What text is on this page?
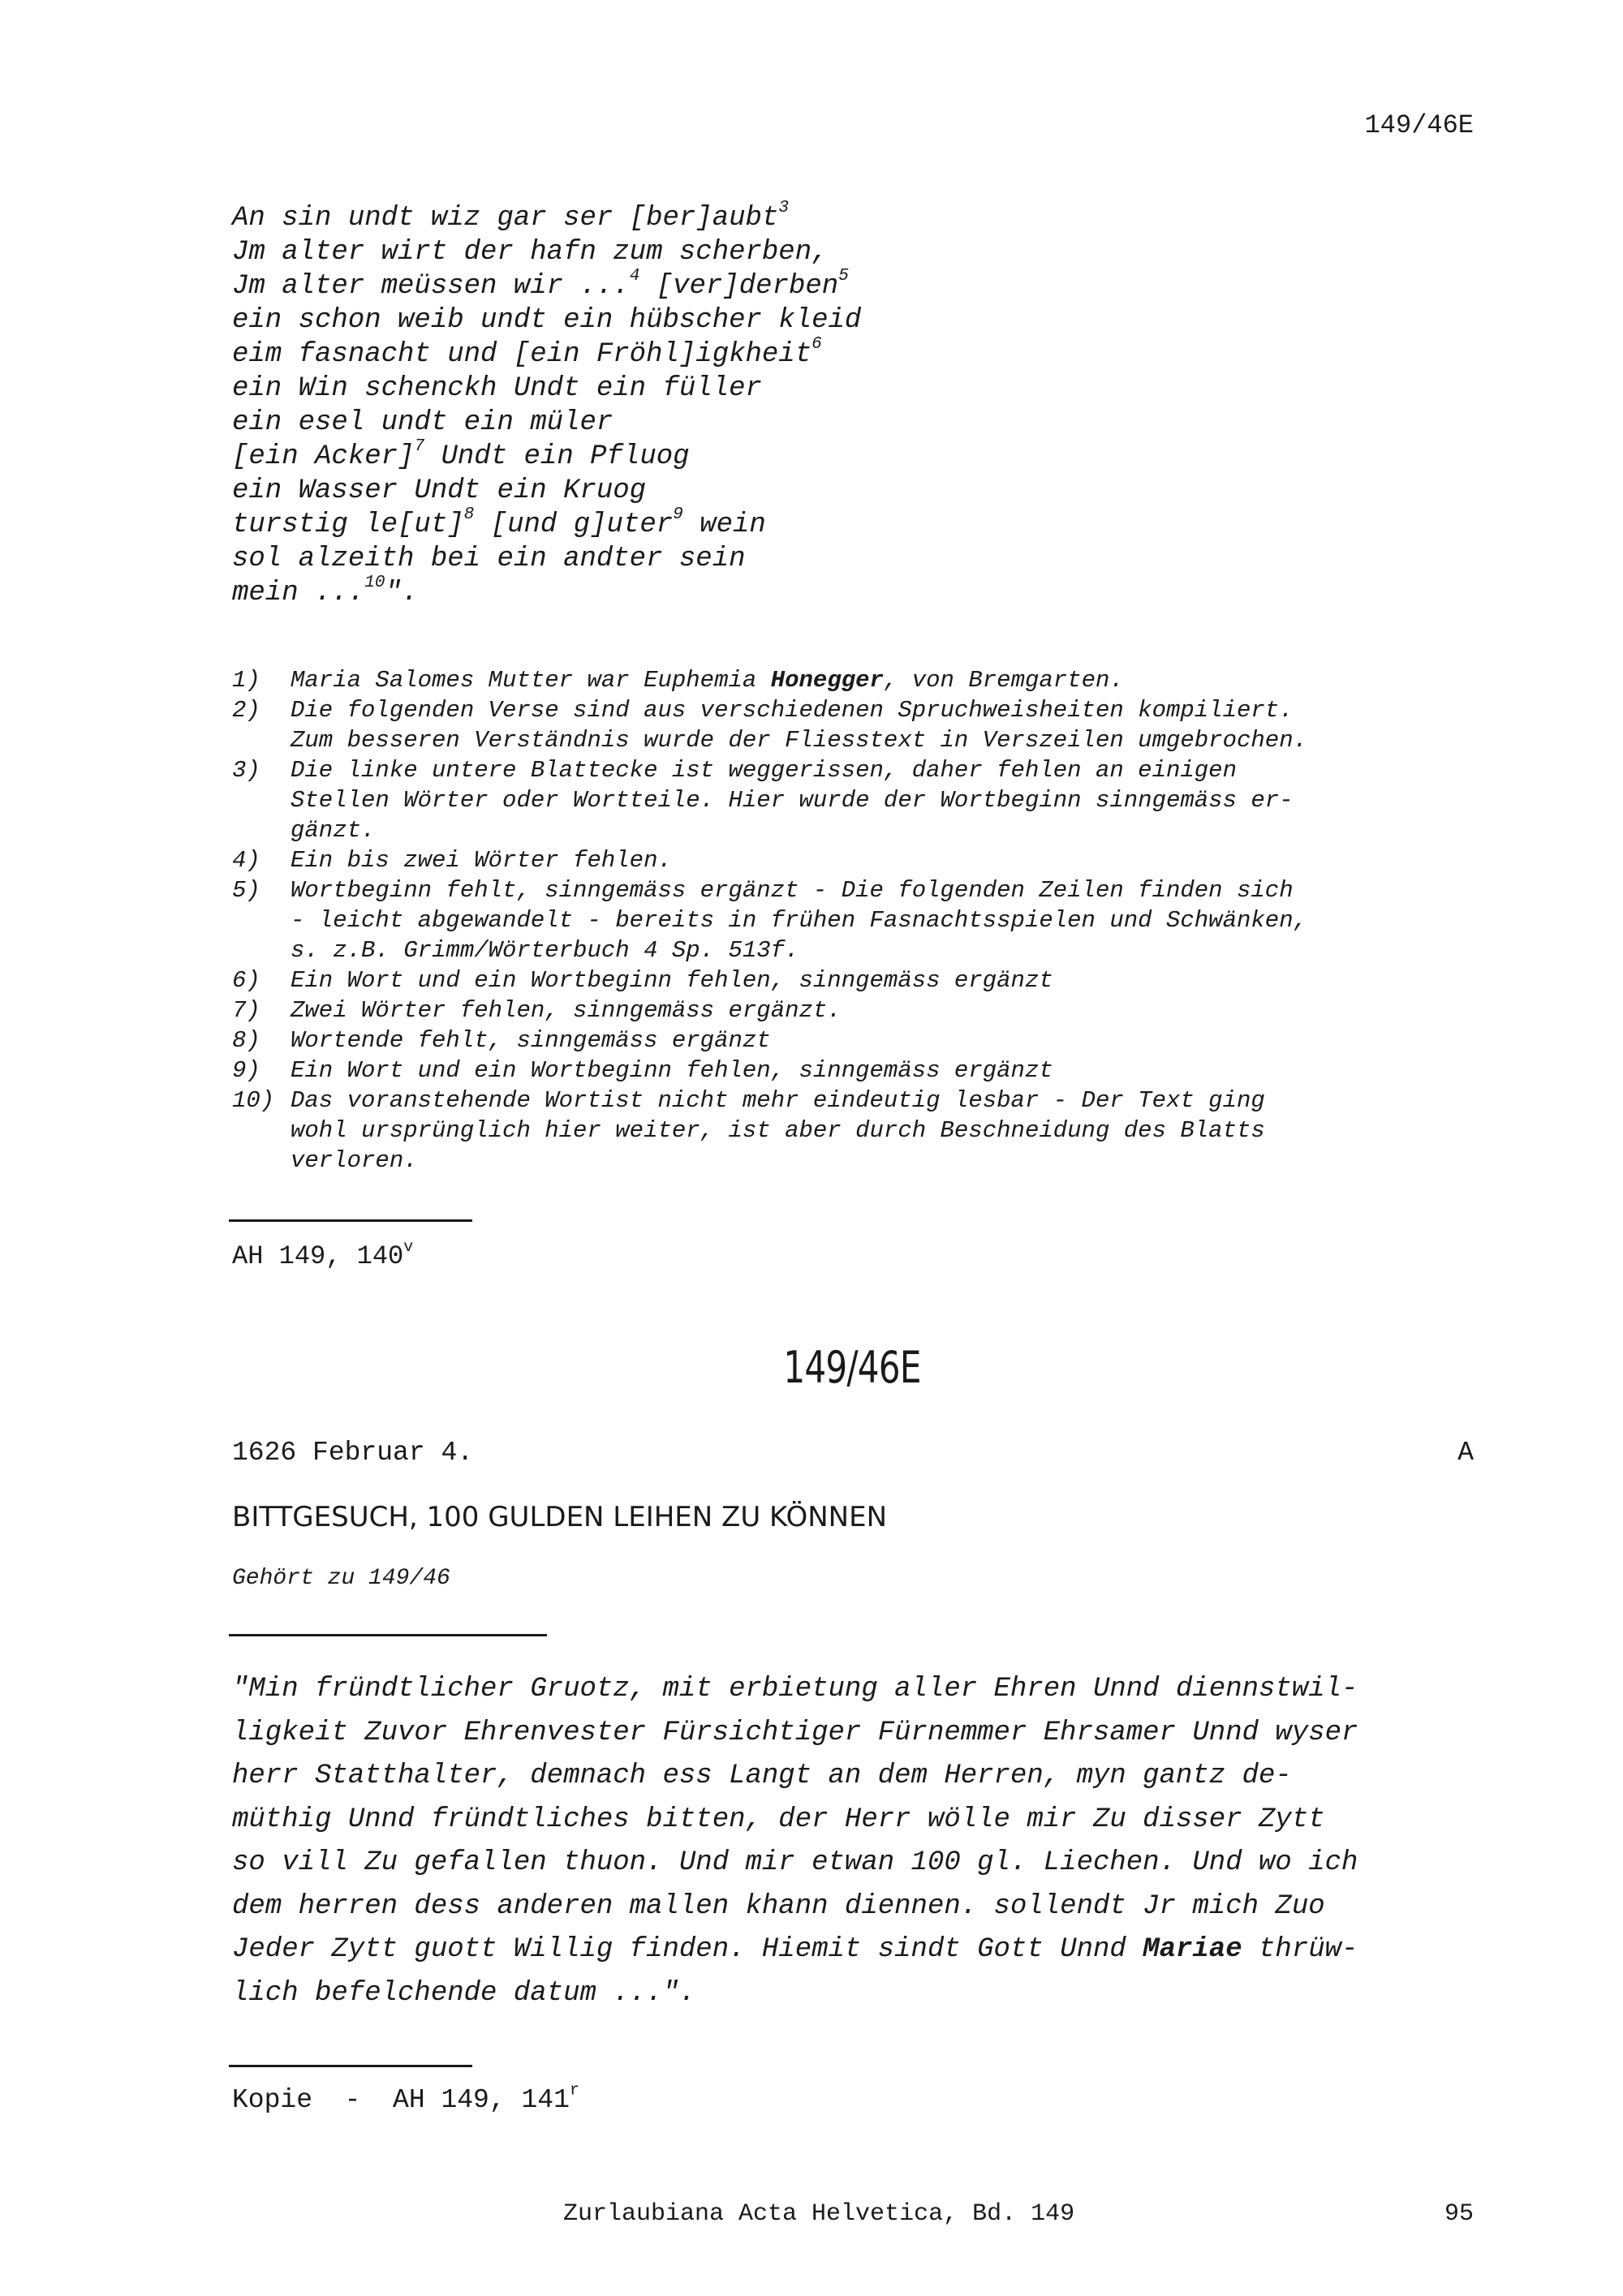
149/46E
An sin undt wiz gar ser [ber]aubt$^3$
Jm alter wirt der hafn zum scherben,
Jm alter meüssen wir ...$^4$ [ver]derben$^5$
ein schon weib undt ein hübscher kleid
eim fasnacht und [ein Fröhl]igkheit$^6$
ein Win schenckh Undt ein füller
ein esel undt ein müler
[ein Acker]$^7$ Undt ein Pfluog
ein Wasser Undt ein Kruog
turstig le[ut]$^8$ [und g]uter$^9$ wein
sol alzeith bei ein andter sein
mein ...$^{10}$".
1) Maria Salomes Mutter war Euphemia Honegger, von Bremgarten.
2) Die folgenden Verse sind aus verschiedenen Spruchweisheiten kompiliert.
Zum besseren Verständnis wurde der Fliesstext in Verszeilen umgebrochen.
3) Die linke untere Blattecke ist weggerissen, daher fehlen an einigen
Stellen Wörter oder Wortteile. Hier wurde der Wortbeginn sinngemäss er-
gänzt.
4) Ein bis zwei Wörter fehlen.
5) Wortbeginn fehlt, sinngemäss ergänzt - Die folgenden Zeilen finden sich
- leicht abgewandelt - bereits in frühen Fasnachtsspielen und Schwänken,
s. z.B. Grimm/Wörterbuch 4 Sp. 513f.
6) Ein Wort und ein Wortbeginn fehlen, sinngemäss ergänzt
7) Zwei Wörter fehlen, sinngemäss ergänzt.
8) Wortende fehlt, sinngemäss ergänzt
9) Ein Wort und ein Wortbeginn fehlen, sinngemäss ergänzt
10) Das voranstehende Wortist nicht mehr eindeutig lesbar - Der Text ging
wohl ursprünglich hier weiter, ist aber durch Beschneidung des Blatts
verloren.
AH 149, 140$^v$
149/46E
1626 Februar 4.	A
BITTGESUCH, 100 GULDEN LEIHEN ZU KÖNNEN
Gehört zu 149/46
"Min fründtlicher Gruotz, mit erbietung aller Ehren Unnd diennstwil-
ligkeit Zuvor Ehrenvester Fürsichtiger Fürnemmer Ehrsamer Unnd wyser
herr Statthalter, demnach ess Langt an dem Herren, myn gantz de-
müthig Unnd fründtliches bitten, der Herr wölle mir Zu disser Zytt
so vill Zu gefallen thuon. Und mir etwan 100 gl. Liechen. Und wo ich
dem herren dess anderen mallen khann diennen. sollendt Jr mich Zuo
Jeder Zytt guott Willig finden. Hiemit sindt Gott Unnd Mariae thrüw-
lich befelchende datum ...".
Kopie  -  AH 149, 141$^r$
Zurlaubiana Acta Helvetica, Bd. 149	95
